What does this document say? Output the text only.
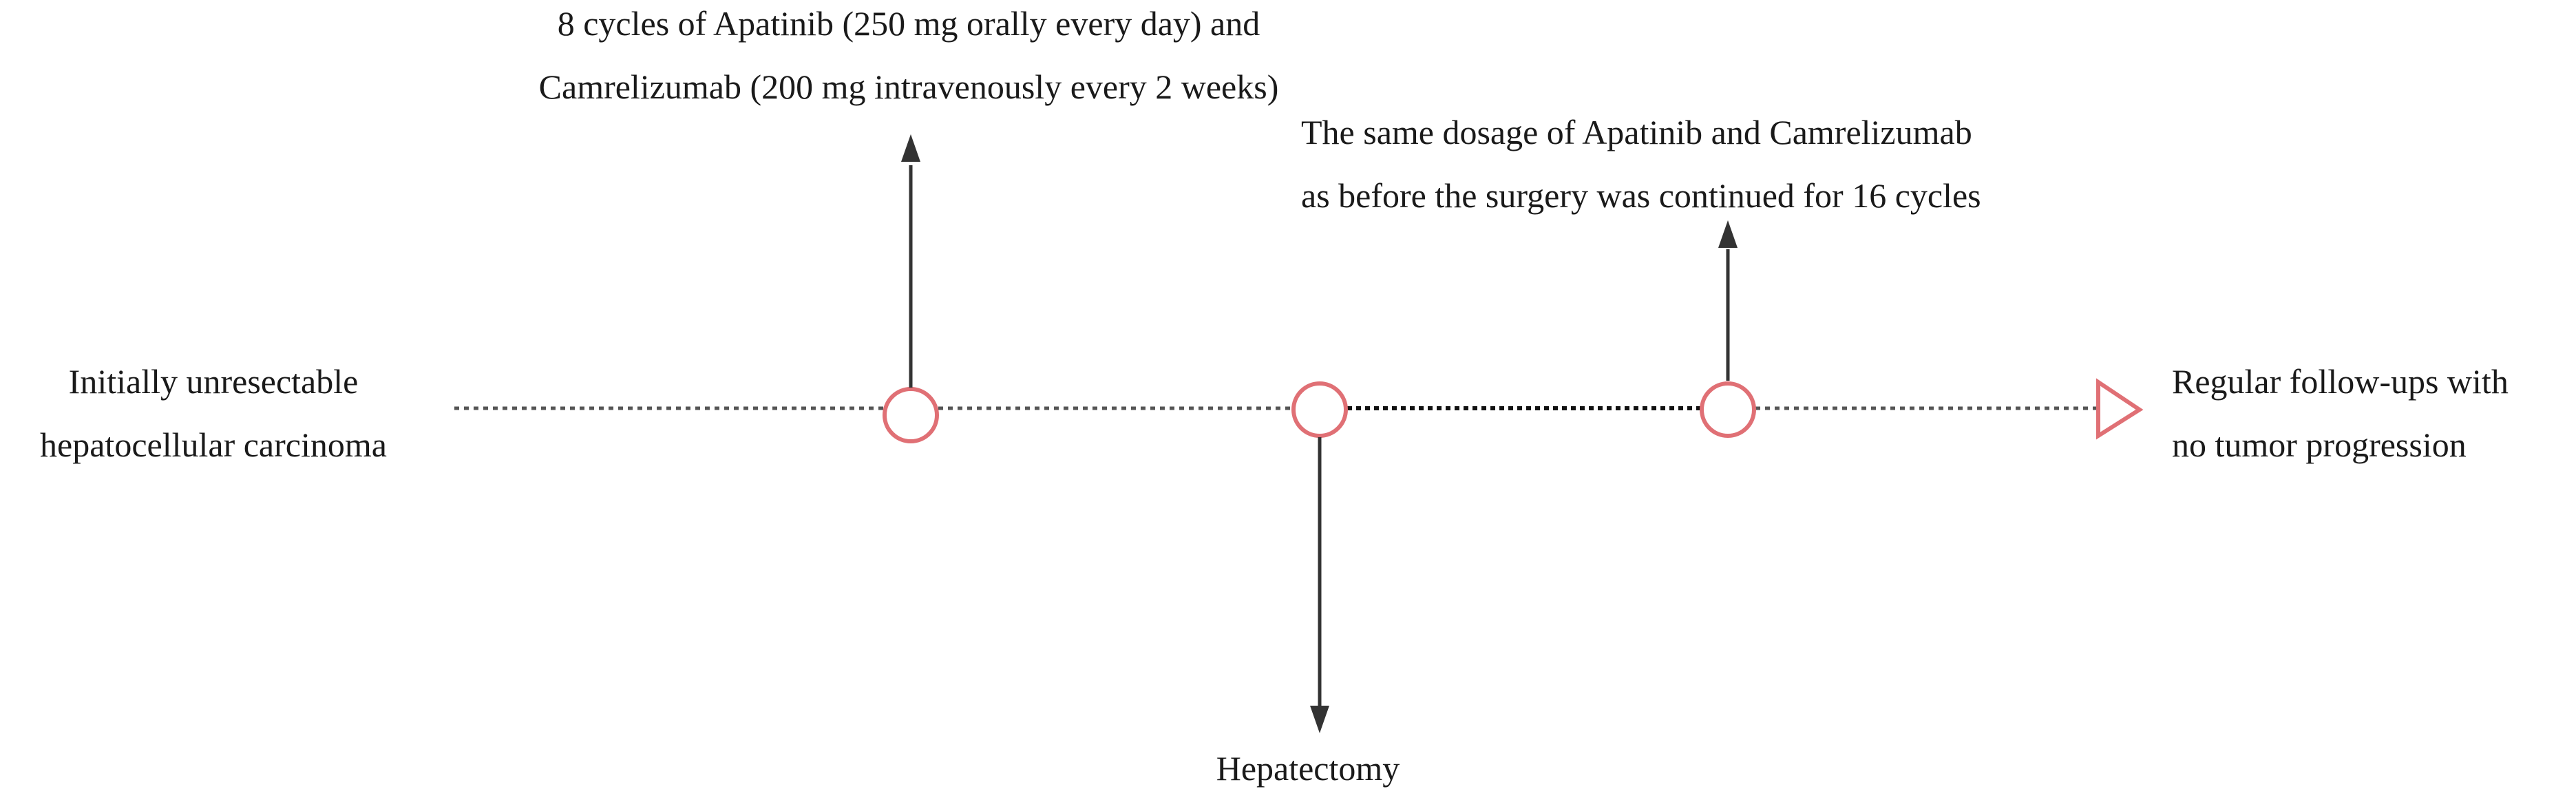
Initially unresectable
hepatocellular carcinoma
Regular follow-ups with
no tumor progression
8 cycles of Apatinib (250 mg orally every day) and
Camrelizumab (200 mg intravenously every 2 weeks)
The same dosage of Apatinib and Camrelizumab
as before the surgery was continued for 16 cycles
Hepatectomy
